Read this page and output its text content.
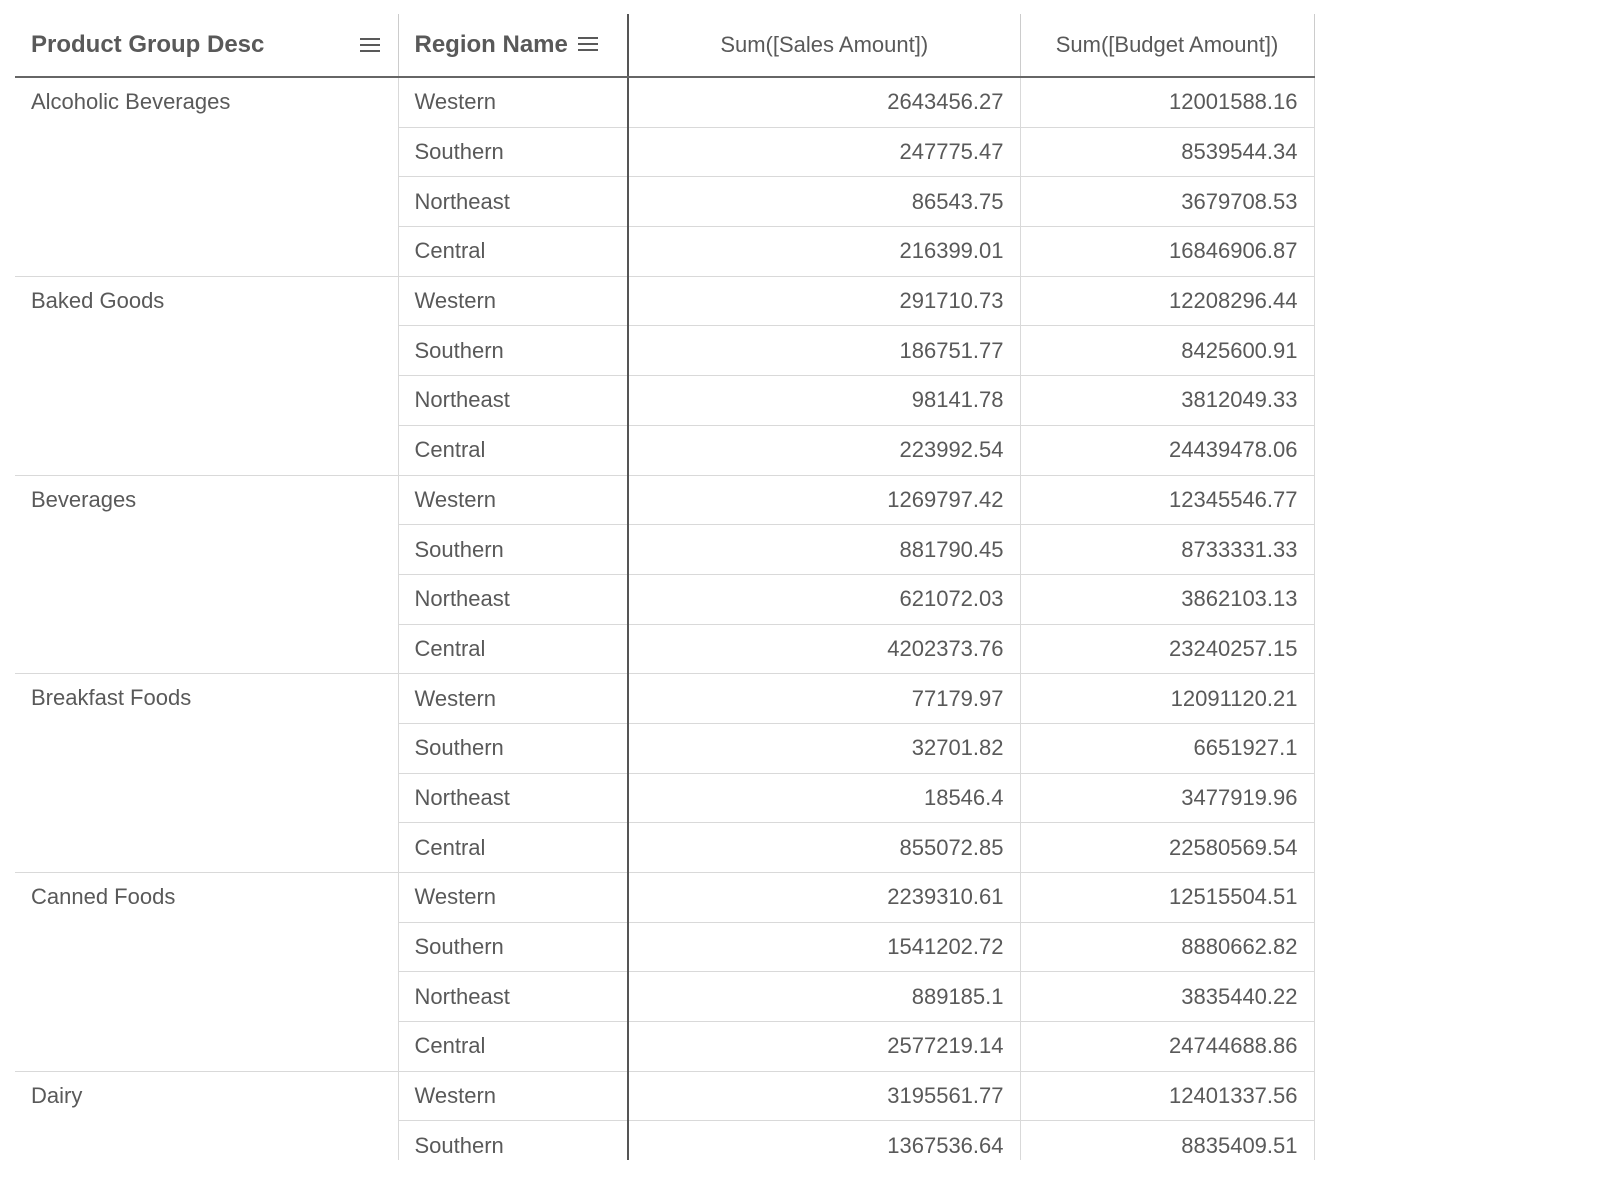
Product Group Desc	Region Name	Sum([Sales Amount])	Sum([Budget Amount])
Alcoholic Beverages	Western	2643456.27	12001588.16
	Southern	247775.47	8539544.34
	Northeast	86543.75	3679708.53
	Central	216399.01	16846906.87
Baked Goods	Western	291710.73	12208296.44
	Southern	186751.77	8425600.91
	Northeast	98141.78	3812049.33
	Central	223992.54	24439478.06
Beverages	Western	1269797.42	12345546.77
	Southern	881790.45	8733331.33
	Northeast	621072.03	3862103.13
	Central	4202373.76	23240257.15
Breakfast Foods	Western	77179.97	12091120.21
	Southern	32701.82	6651927.1
	Northeast	18546.4	3477919.96
	Central	855072.85	22580569.54
Canned Foods	Western	2239310.61	12515504.51
	Southern	1541202.72	8880662.82
	Northeast	889185.1	3835440.22
	Central	2577219.14	24744688.86
Dairy	Western	3195561.77	12401337.56
	Southern	1367536.64	8835409.51
